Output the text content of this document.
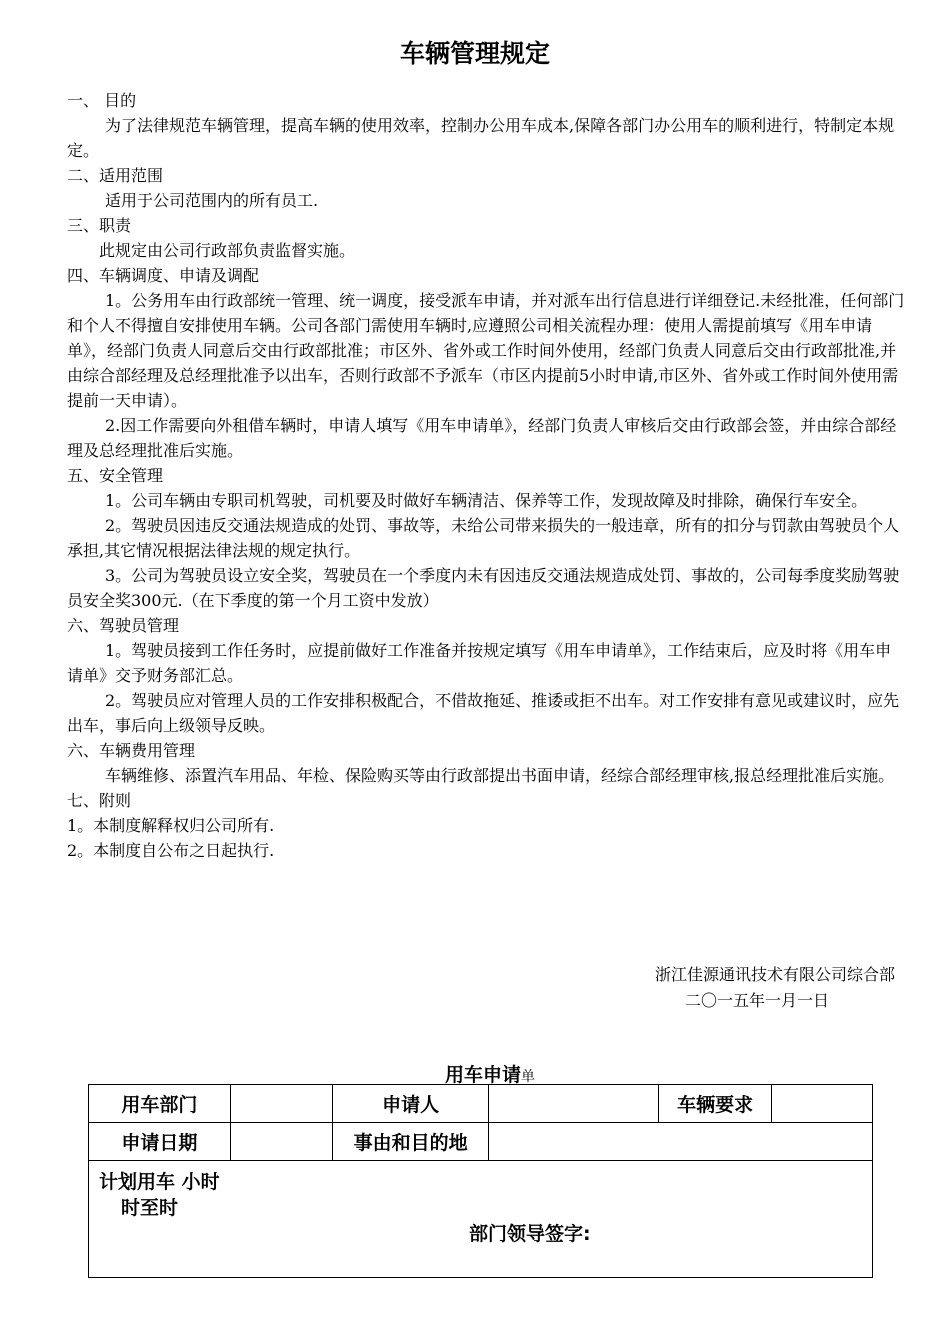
车辆管理规定

一、 目的

为了法律规范车辆管理，提高车辆的使用效率，控制办公用车成本,保障各部门办公用车的顺利进行，特制定本规定。

二、适用范围

适用于公司范围内的所有员工.

三、职责

此规定由公司行政部负责监督实施。

四、车辆调度、申请及调配

1。公务用车由行政部统一管理、统一调度，接受派车申请，并对派车出行信息进行详细登记.未经批准，任何部门和个人不得擅自安排使用车辆。公司各部门需使用车辆时,应遵照公司相关流程办理：使用人需提前填写《用车申请单》，经部门负责人同意后交由行政部批准；市区外、省外或工作时间外使用，经部门负责人同意后交由行政部批准,并由综合部经理及总经理批准予以出车，否则行政部不予派车（市区内提前5小时申请,市区外、省外或工作时间外使用需提前一天申请）。

2.因工作需要向外租借车辆时，申请人填写《用车申请单》，经部门负责人审核后交由行政部会签，并由综合部经理及总经理批准后实施。

五、安全管理

1。公司车辆由专职司机驾驶，司机要及时做好车辆清洁、保养等工作，发现故障及时排除，确保行车安全。

2。驾驶员因违反交通法规造成的处罚、事故等，未给公司带来损失的一般违章，所有的扣分与罚款由驾驶员个人承担,其它情况根据法律法规的规定执行。

3。公司为驾驶员设立安全奖，驾驶员在一个季度内未有因违反交通法规造成处罚、事故的，公司每季度奖励驾驶员安全奖300元.（在下季度的第一个月工资中发放）

六、驾驶员管理

1。驾驶员接到工作任务时，应提前做好工作准备并按规定填写《用车申请单》，工作结束后，应及时将《用车申请单》交予财务部汇总。

2。驾驶员应对管理人员的工作安排积极配合，不借故拖延、推诿或拒不出车。对工作安排有意见或建议时，应先出车，事后向上级领导反映。

六、车辆费用管理

车辆维修、添置汽车用品、年检、保险购买等由行政部提出书面申请，经综合部经理审核,报总经理批准后实施。

七、附则

1。本制度解释权归公司所有.

2。本制度自公布之日起执行.

浙江佳源通讯技术有限公司综合部
二〇一五年一月一日
用车申请单
用车部门		申请人		车辆要求	
申请日期		事由和目的地			

计划用车 小时
时至时
部门领导签字:					
